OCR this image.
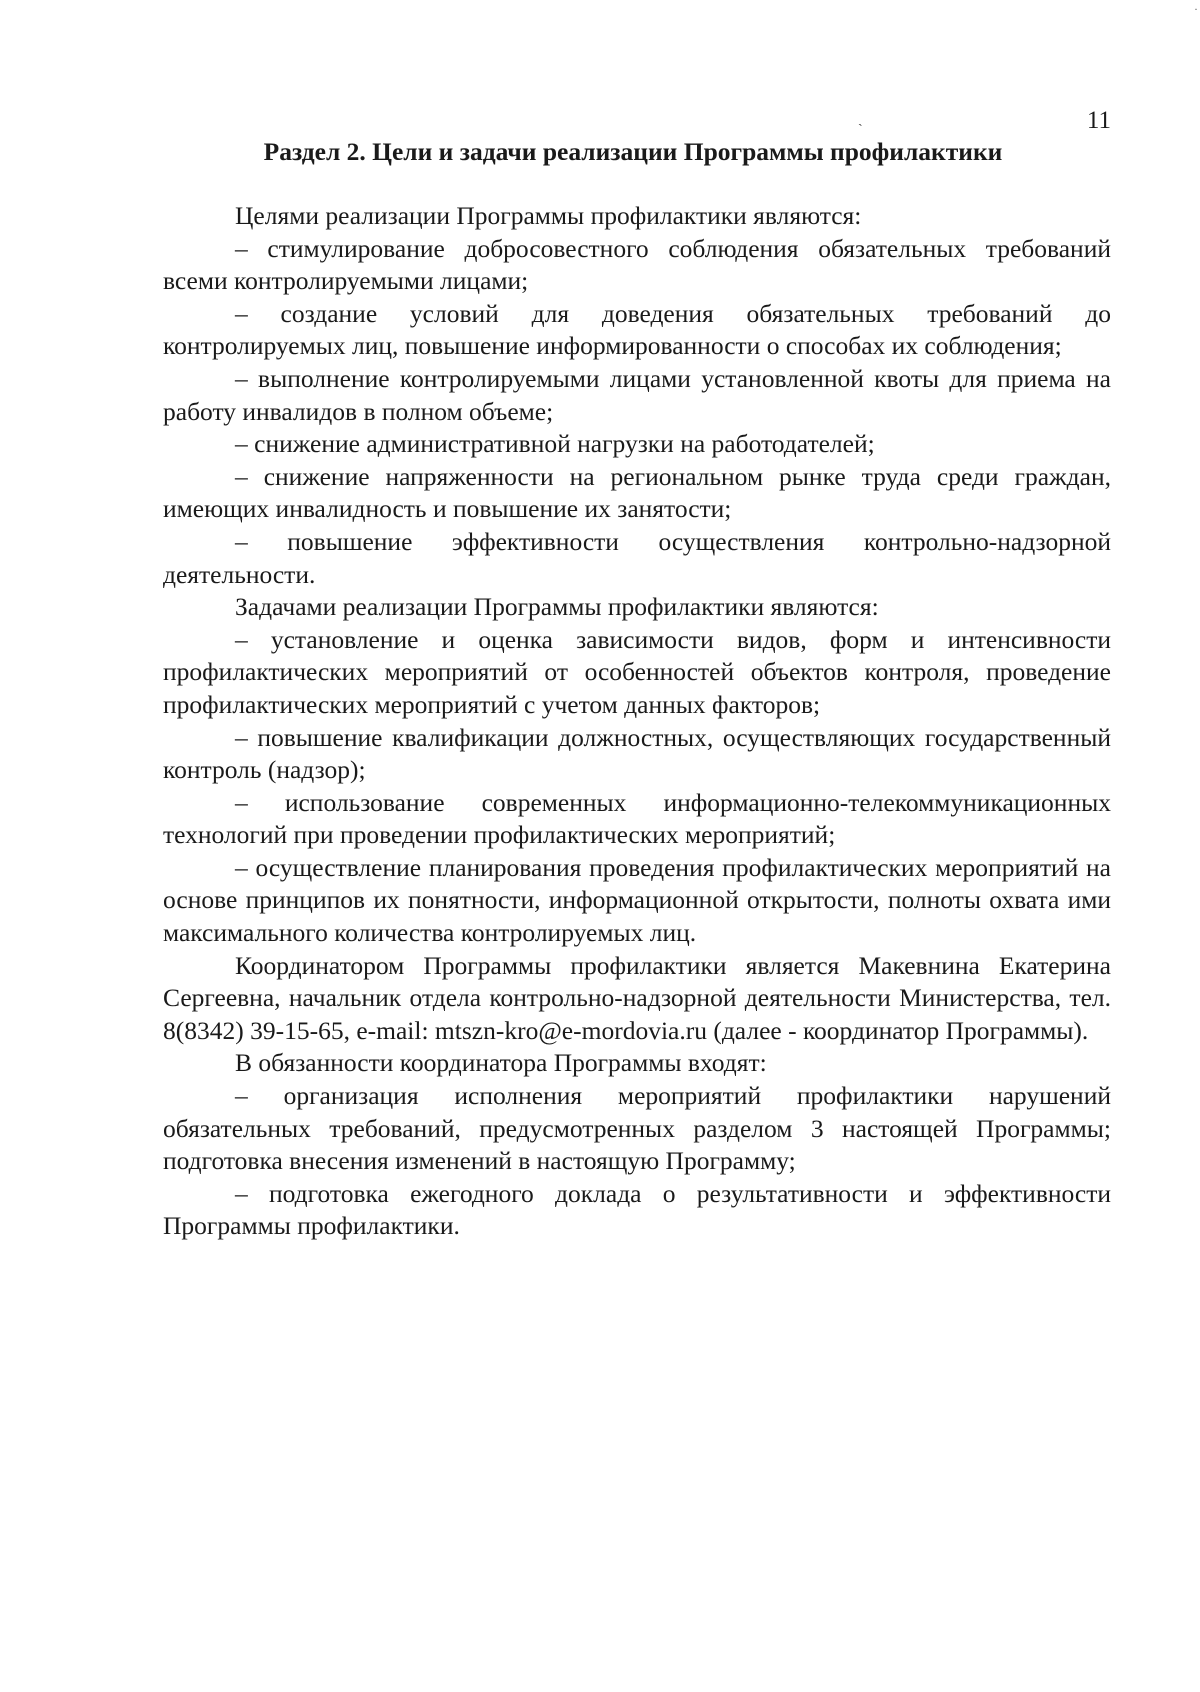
·
ˏ	11
Раздел 2. Цели и задачи реализации Программы профилактики

Целями реализации Программы профилактики являются:

– стимулирование добросовестного соблюдения обязательных требований всеми контролируемыми лицами;

– создание условий для доведения обязательных требований до контролируемых лиц, повышение информированности о способах их соблюдения;

– выполнение контролируемыми лицами установленной квоты для приема на работу инвалидов в полном объеме;

– снижение административной нагрузки на работодателей;

– снижение напряженности на региональном рынке труда среди граждан, имеющих инвалидность и повышение их занятости;

– повышение эффективности осуществления контрольно-надзорной деятельности.

Задачами реализации Программы профилактики являются:

– установление и оценка зависимости видов, форм и интенсивности профилактических мероприятий от особенностей объектов контроля, проведение профилактических мероприятий с учетом данных факторов;

– повышение квалификации должностных, осуществляющих государственный контроль (надзор);

– использование современных информационно-телекоммуникационных технологий при проведении профилактических мероприятий;

– осуществление планирования проведения профилактических мероприятий на основе принципов их понятности, информационной открытости, полноты охвата ими максимального количества контролируемых лиц.

Координатором Программы профилактики является Макевнина Екатерина Сергеевна, начальник отдела контрольно-надзорной деятельности Министерства, тел. 8(8342) 39-15-65, e-mail: mtszn-kro@e-mordovia.ru (далее - координатор Программы).

В обязанности координатора Программы входят:

– организация исполнения мероприятий профилактики нарушений обязательных требований, предусмотренных разделом 3 настоящей Программы; подготовка внесения изменений в настоящую Программу;

– подготовка ежегодного доклада о результативности и эффективности Программы профилактики.
